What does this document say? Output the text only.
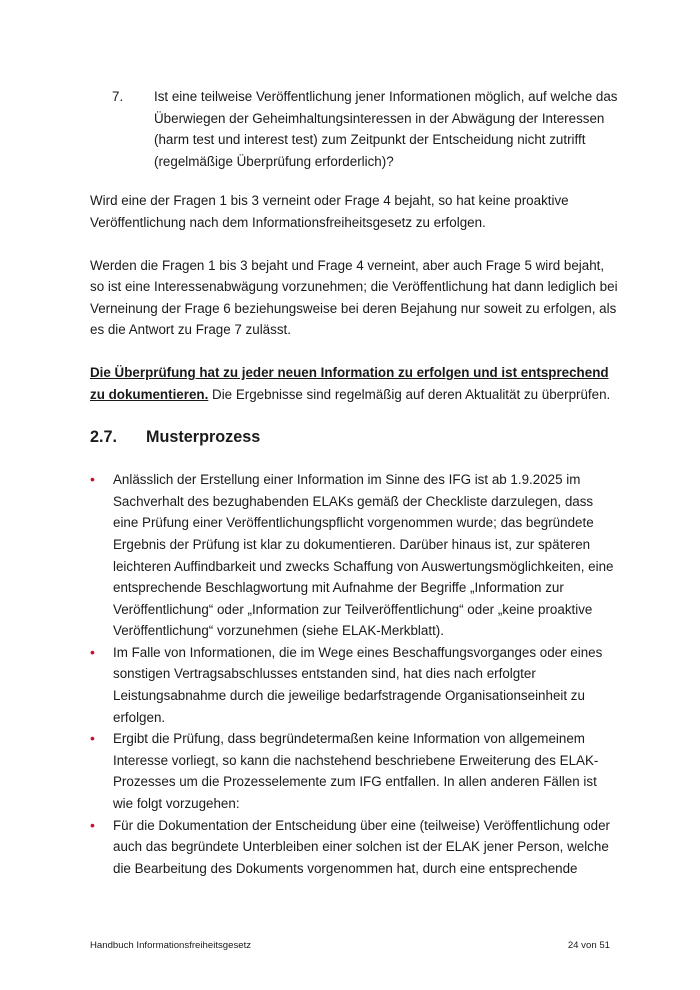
7.	Ist eine teilweise Veröffentlichung jener Informationen möglich, auf welche das Überwiegen der Geheimhaltungsinteressen in der Abwägung der Interessen (harm test und interest test) zum Zeitpunkt der Entscheidung nicht zutrifft (regelmäßige Überprüfung erforderlich)?

Wird eine der Fragen 1 bis 3 verneint oder Frage 4 bejaht, so hat keine proaktive Veröffentlichung nach dem Informationsfreiheitsgesetz zu erfolgen.

Werden die Fragen 1 bis 3 bejaht und Frage 4 verneint, aber auch Frage 5 wird bejaht, so ist eine Interessenabwägung vorzunehmen; die Veröffentlichung hat dann lediglich bei Verneinung der Frage 6 beziehungsweise bei deren Bejahung nur soweit zu erfolgen, als es die Antwort zu Frage 7 zulässt.

Die Überprüfung hat zu jeder neuen Information zu erfolgen und ist entsprechend zu dokumentieren. Die Ergebnisse sind regelmäßig auf deren Aktualität zu überprüfen.

2.7.	Musterprozess
•	Anlässlich der Erstellung einer Information im Sinne des IFG ist ab 1.9.2025 im Sachverhalt des bezughabenden ELAKs gemäß der Checkliste darzulegen, dass eine Prüfung einer Veröffentlichungspflicht vorgenommen wurde; das begründete Ergebnis der Prüfung ist klar zu dokumentieren. Darüber hinaus ist, zur späteren leichteren Auffindbarkeit und zwecks Schaffung von Auswertungsmöglichkeiten, eine entsprechende Beschlagwortung mit Aufnahme der Begriffe „Information zur Veröffentlichung“ oder „Information zur Teilveröffentlichung“ oder „keine proaktive Veröffentlichung“ vorzunehmen (siehe ELAK-Merkblatt).
•	Im Falle von Informationen, die im Wege eines Beschaffungsvorganges oder eines sonstigen Vertragsabschlusses entstanden sind, hat dies nach erfolgter Leistungsabnahme durch die jeweilige bedarfstragende Organisationseinheit zu erfolgen.
•	Ergibt die Prüfung, dass begründetermaßen keine Information von allgemeinem Interesse vorliegt, so kann die nachstehend beschriebene Erweiterung des ELAK-Prozesses um die Prozesselemente zum IFG entfallen. In allen anderen Fällen ist wie folgt vorzugehen:
•	Für die Dokumentation der Entscheidung über eine (teilweise) Veröffentlichung oder auch das begründete Unterbleiben einer solchen ist der ELAK jener Person, welche die Bearbeitung des Dokuments vorgenommen hat, durch eine entsprechende
Handbuch Informationsfreiheitsgesetz	24 von 51
